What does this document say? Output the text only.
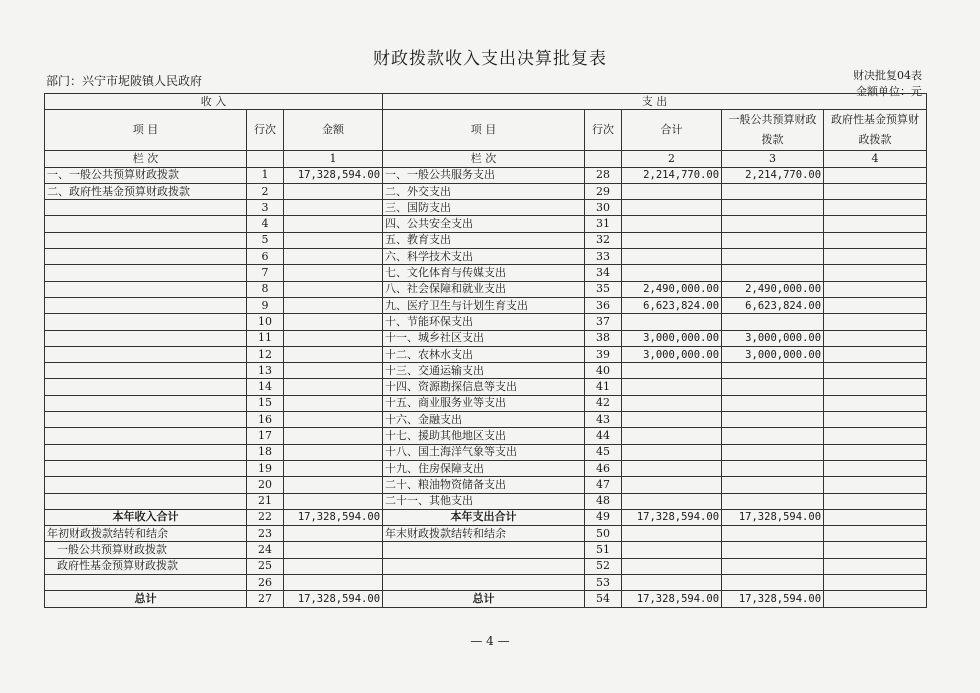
财政拨款收入支出决算批复表
部门：兴宁市坭陂镇人民政府	财决批复04表
金额单位：元
收 入			支 出				
项 目	行次	金额	项 目	行次	合计	一般公共预算财政拨款	政府性基金预算财政拨款
栏 次		1	栏 次		2	3	4
一、一般公共预算财政拨款	1	17,328,594.00	一、一般公共服务支出	28	2,214,770.00	2,214,770.00	
二、政府性基金预算财政拨款	2		二、外交支出	29			
	3		三、国防支出	30			
	4		四、公共安全支出	31			
	5		五、教育支出	32			
	6		六、科学技术支出	33			
	7		七、文化体育与传媒支出	34			
	8		八、社会保障和就业支出	35	2,490,000.00	2,490,000.00	
	9		九、医疗卫生与计划生育支出	36	6,623,824.00	6,623,824.00	
	10		十、节能环保支出	37			
	11		十一、城乡社区支出	38	3,000,000.00	3,000,000.00	
	12		十二、农林水支出	39	3,000,000.00	3,000,000.00	
	13		十三、交通运输支出	40			
	14		十四、资源勘探信息等支出	41			
	15		十五、商业服务业等支出	42			
	16		十六、金融支出	43			
	17		十七、援助其他地区支出	44			
	18		十八、国土海洋气象等支出	45			
	19		十九、住房保障支出	46			
	20		二十、粮油物资储备支出	47			
	21		二十一、其他支出	48			
本年收入合计	22	17,328,594.00	本年支出合计	49	17,328,594.00	17,328,594.00	
年初财政拨款结转和结余	23		年末财政拨款结转和结余	50			
一般公共预算财政拨款	24			51			
政府性基金预算财政拨款	25			52			
	26			53			
总计	27	17,328,594.00	总计	54	17,328,594.00	17,328,594.00	
— 4 —
